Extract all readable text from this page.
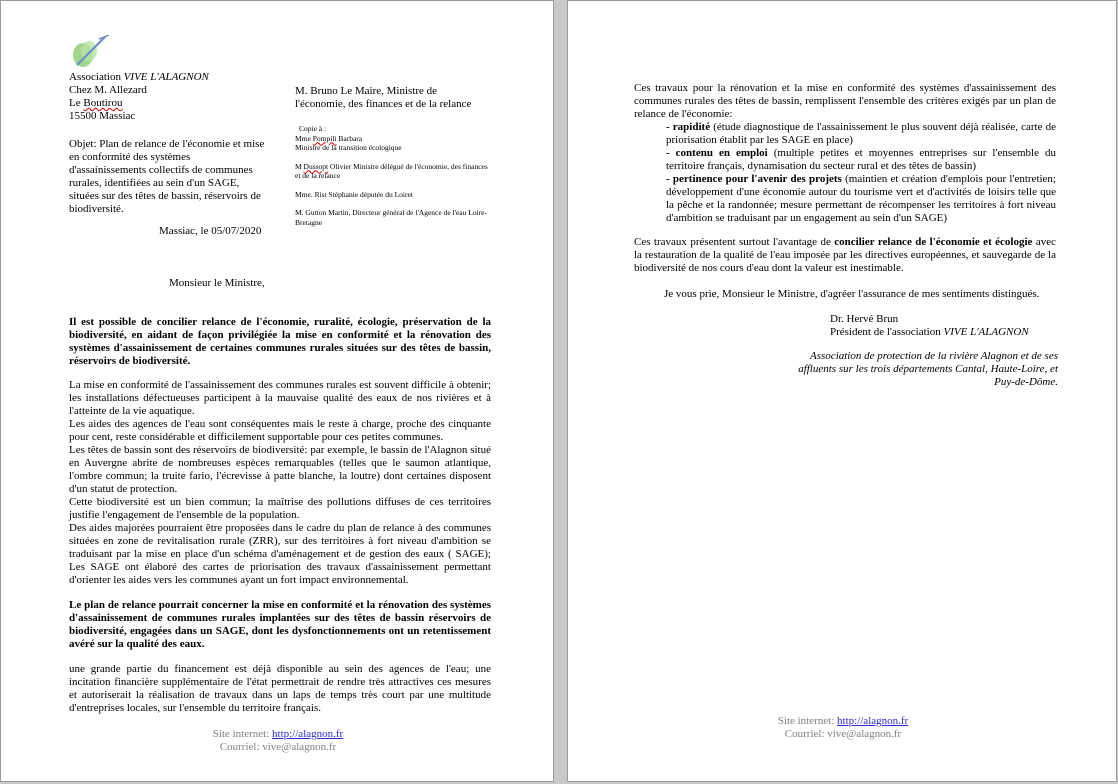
Association VIVE L'ALAGNON
Chez M. Allezard
Le Boutirou
15500 Massiac
M. Bruno Le Maire, Ministre de
l'économie, des finances et de la relance
Objet: Plan de relance de l'économie et mise en conformité des systèmes d'assainissements collectifs de communes rurales, identifiées au sein d'un SAGE, situées sur des têtes de bassin, réservoirs de biodiversité.
Copie à :
Mme Pompili Barbara
Ministre de la transition écologique
M Dussopt Olivier Ministre délégué de l'économie, des finances et de la relance
Mme. Rist Stéphanie députée du Loiret
M. Gutton Martin, Directeur général de l'Agence de l'eau Loire-Bretagne
Massiac, le 05/07/2020
Monsieur le Ministre,
Il est possible de concilier relance de l'économie, ruralité, écologie, préservation de la biodiversité, en aidant de façon privilégiée la mise en conformité et la rénovation des systèmes d'assainissement de certaines communes rurales situées sur des têtes de bassin, réservoirs de biodiversité.

La mise en conformité de l'assainissement des communes rurales est souvent difficile à obtenir; les installations défectueuses participent à la mauvaise qualité des eaux de nos rivières et à l'atteinte de la vie aquatique.

Les aides des agences de l'eau sont conséquentes mais le reste à charge, proche des cinquante pour cent, reste considérable et difficilement supportable pour ces petites communes.

Les têtes de bassin sont des réservoirs de biodiversité: par exemple, le bassin de l'Alagnon situé en Auvergne abrite de nombreuses espèces remarquables (telles que le saumon atlantique, l'ombre commun; la truite fario, l'écrevisse à patte blanche, la loutre) dont certaines disposent d'un statut de protection.

Cette biodiversité est un bien commun; la maîtrise des pollutions diffuses de ces territoires justifie l'engagement de l'ensemble de la population.

Des aides majorées pourraient être proposées dans le cadre du plan de relance à des communes situées en zone de revitalisation rurale (ZRR), sur des territoires à fort niveau d'ambition se traduisant par la mise en place d'un schéma d'aménagement et de gestion des eaux ( SAGE); Les SAGE ont élaboré des cartes de priorisation des travaux d'assainissement permettant d'orienter les aides vers les communes ayant un fort impact environnemental.

Le plan de relance pourrait concerner la mise en conformité et la rénovation des systèmes d'assainissement de communes rurales implantées sur des têtes de bassin réservoirs de biodiversité, engagées dans un SAGE, dont les dysfonctionnements ont un retentissement avéré sur la qualité des eaux.
une grande partie du financement est déjà disponible au sein des agences de l'eau; une incitation financière supplémentaire de l'état permettrait de rendre très attractives ces mesures et autoriserait la réalisation de travaux dans un laps de temps très court par une multitude d'entreprises locales, sur l'ensemble du territoire français.
Site internet: http://alagnon.fr
Courriel: vive@alagnon.fr

Ces travaux pour la rénovation et la mise en conformité des systèmes d'assainissement des communes rurales des têtes de bassin, remplissent l'ensemble des critères exigés par un plan de relance de l'économie:

- rapidité (étude diagnostique de l'assainissement le plus souvent déjà réalisée, carte de priorisation établit par les SAGE en place)

- contenu en emploi (multiple petites et moyennes entreprises sur l'ensemble du territoire français, dynamisation du secteur rural et des têtes de bassin)

- pertinence pour l'avenir des projets (maintien et création d'emplois pour l'entretien; développement d'une économie autour du tourisme vert et d'activités de loisirs telle que la pêche et la randonnée; mesure permettant de récompenser les territoires à fort niveau d'ambition se traduisant par un engagement au sein d'un SAGE)

Ces travaux présentent surtout l'avantage de concilier relance de l'économie et écologie avec la restauration de la qualité de l'eau imposée par les directives européennes, et sauvegarde de la biodiversité de nos cours d'eau dont la valeur est inestimable.
Je vous prie, Monsieur le Ministre, d'agréer l'assurance de mes sentiments distingués.
Dr. Hervé Brun
Président de l'association VIVE L'ALAGNON
Association de protection de la rivière Alagnon et de ses affluents sur les trois départements Cantal, Haute-Loire, et Puy-de-Dôme.
Site internet: http://alagnon.fr
Courriel: vive@alagnon.fr
